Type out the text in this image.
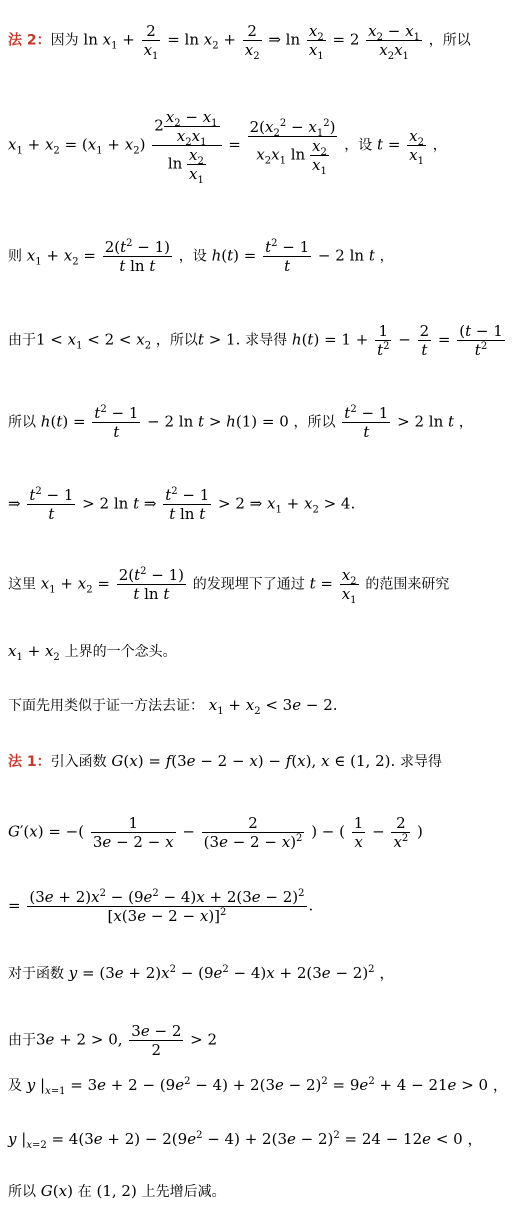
法 2：因为 $\ln x_1 + \frac{2}{x_1} = \ln x_2 + \frac{2}{x_2}$ ⇒ $\ln \frac{x_2}{x_1} = 2 \frac{x_2 - x_1}{x_2x_1}$ ，所以
$x_1 + x_2 = (x_1 + x_2) \frac{2 \frac{x_2 - x_1}{x_2x_1}}{\ln \frac{x_2}{x_1}} = \frac{2(x_2^2 - x_1^2)}{x_2x_1 \ln \frac{x_2}{x_1}}$ ，设 $t = \frac{x_2}{x_1}$ ，
则 $x_1 + x_2 = \frac{2(t^2 - 1)}{\text{t ln t}}$ ，设 $h(t) = \frac{t^2 - 1}{t} - 2$ ln t ，
由于$1 < x_1 < 2 < x_2$ ，所以t > 1. 求导得 $h(t) = 1 + \frac{1}{t^2} - \frac{2}{t} = \frac{(t - 1}{t^2}$
所以 $h(t) = \frac{t^2 - 1}{t} - 2$ ln t > h(1) = 0 ，所以 $\frac{t^2 - 1}{t} > 2$ ln t ，
⇒ $\frac{t^2 - 1}{t} > 2$ ln t ⇒ $\frac{t^2 - 1}{\text{t ln t}} > 2$ ⇒ $x_1 + x_2 > 4$.
这里 $x_1 + x_2 = \frac{2(t^2 - 1)}{\text{t ln t}}$ 的发现埋下了通过 $t = \frac{x_2}{x_1}$ 的范围来研究
$x_1 + x_2$ 上界的一个念头。
下面先用类似于证一方法去证： $x_1 + x_2 < 3e - 2$.
法 1：引入函数 G(x) = f(3e − 2 − x) − f(x), x ∈ (1, 2). 求导得
G′(x) = −( $\frac{1}{3e - 2 - x} - \frac{2}{(3e - 2 - x)^2}$ ) − ( $\frac{1}{x} - \frac{2}{x^2}$ )
= $\frac{(3e + 2)x^2 - (9e^2 - 4)x + 2(3e - 2)^2}{[x(3e - 2 - x)]^2}$ .
对于函数 $y = (3e + 2)x^2 - (9e^2 - 4)x + 2(3e - 2)^2$ ，
由于3e + 2 > 0, $\frac{3e - 2}{2} > 2$
及 y $|_{x=1} = 3e + 2 - (9e^2 - 4) + 2(3e - 2)^2 = 9e^2 + 4 - 21e > 0$ ，
y $|_{x=2} = 4(3e + 2) - 2(9e^2 - 4) + 2(3e - 2)^2 = 24 - 12e < 0$ ，
所以 G(x) 在 (1, 2) 上先增后减。
